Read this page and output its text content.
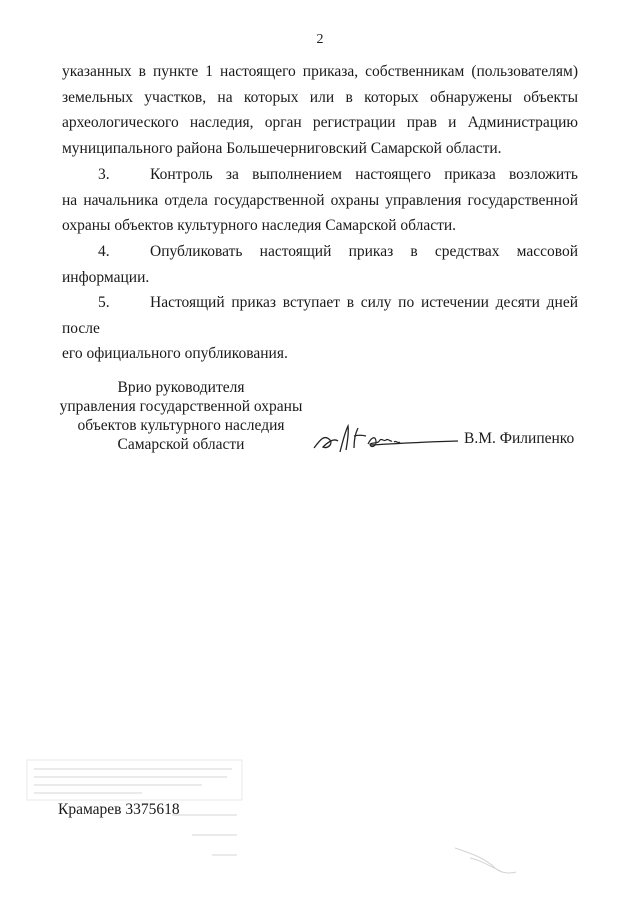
2
указанных в пункте 1 настоящего приказа, собственникам (пользователям)
земельных участков, на которых или в которых обнаружены объекты
археологического наследия, орган регистрации прав и Администрацию
муниципального района Большечерниговский Самарской области.
3.	Контроль за выполнением настоящего приказа возложить
на начальника отдела государственной охраны управления государственной
охраны объектов культурного наследия Самарской области.
4.	Опубликовать настоящий приказ в средствах массовой
информации.
5.	Настоящий приказ вступает в силу по истечении десяти дней после
его официального опубликования.
Врио руководителя
управления государственной охраны
объектов культурного наследия
Самарской области	В.М. Филипенко
Крамарев 3375618
